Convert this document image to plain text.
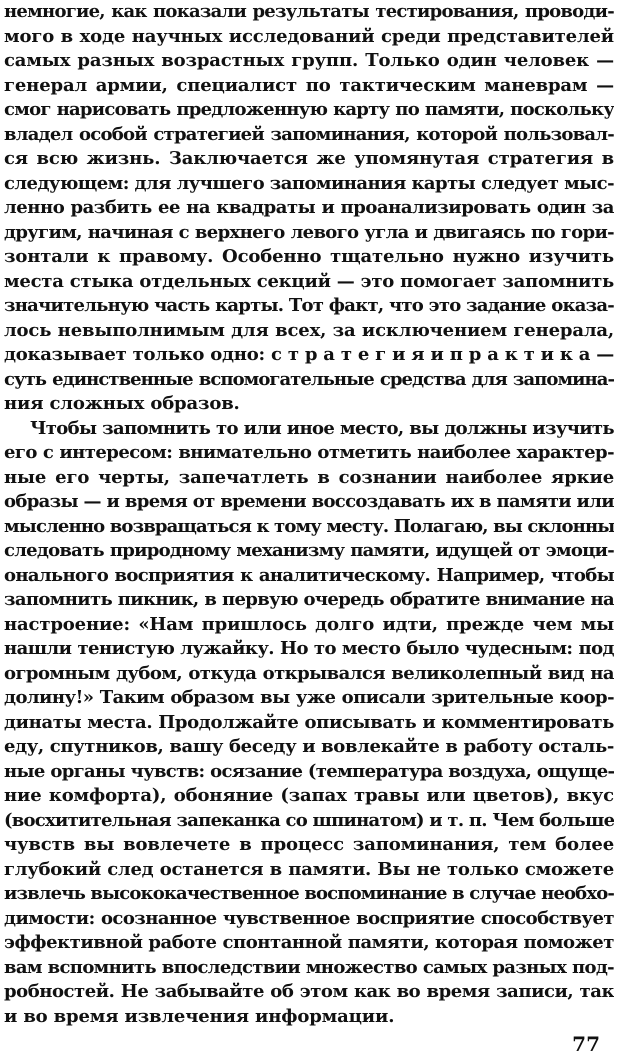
немногие, как показали результаты тестирования, проводи-
мого в ходе научных исследований среди представителей
самых разных возрастных групп. Только один человек —
генерал армии, специалист по тактическим маневрам —
смог нарисовать предложенную карту по памяти, поскольку
владел особой стратегией запоминания, которой пользовал-
ся всю жизнь. Заключается же упомянутая стратегия в
следующем: для лучшего запоминания карты следует мыс-
ленно разбить ее на квадраты и проанализировать один за
другим, начиная с верхнего левого угла и двигаясь по гори-
зонтали к правому. Особенно тщательно нужно изучить
места стыка отдельных секций — это помогает запомнить
значительную часть карты. Тот факт, что это задание оказа-
лось невыполнимым для всех, за исключением генерала,
доказывает только одно: с т р а т е г и я и п р а к т и к а —
суть единственные вспомогательные средства для запомина-
ния сложных образов.
Чтобы запомнить то или иное место, вы должны изучить
его с интересом: внимательно отметить наиболее характер-
ные его черты, запечатлеть в сознании наиболее яркие
образы — и время от времени воссоздавать их в памяти или
мысленно возвращаться к тому месту. Полагаю, вы склонны
следовать природному механизму памяти, идущей от эмоци-
онального восприятия к аналитическому. Например, чтобы
запомнить пикник, в первую очередь обратите внимание на
настроение: «Нам пришлось долго идти, прежде чем мы
нашли тенистую лужайку. Но то место было чудесным: под
огромным дубом, откуда открывался великолепный вид на
долину!» Таким образом вы уже описали зрительные коор-
динаты места. Продолжайте описывать и комментировать
еду, спутников, вашу беседу и вовлекайте в работу осталь-
ные органы чувств: осязание (температура воздуха, ощуще-
ние комфорта), обоняние (запах травы или цветов), вкус
(восхитительная запеканка со шпинатом) и т. п. Чем больше
чувств вы вовлечете в процесс запоминания, тем более
глубокий след останется в памяти. Вы не только сможете
извлечь высококачественное воспоминание в случае необхо-
димости: осознанное чувственное восприятие способствует
эффективной работе спонтанной памяти, которая поможет
вам вспомнить впоследствии множество самых разных под-
робностей. Не забывайте об этом как во время записи, так
и во время извлечения информации.
77
